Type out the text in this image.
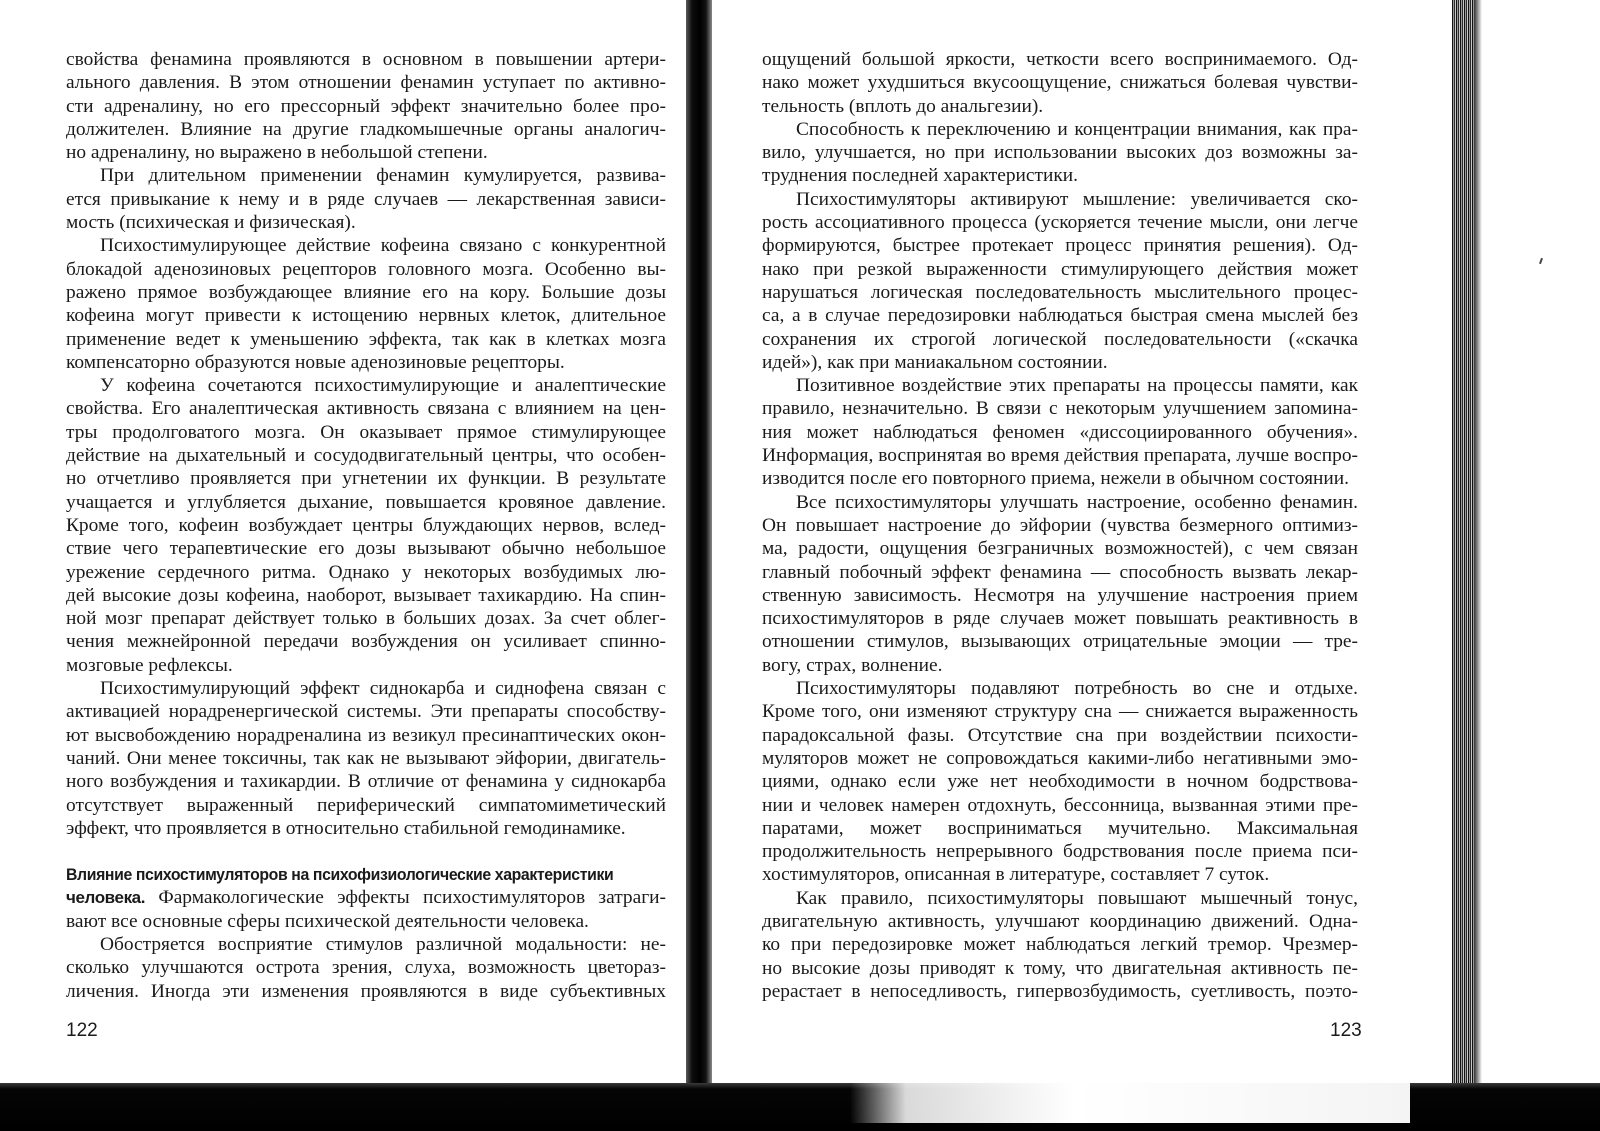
свойства фенамина проявляются в основном в повышении артери-
ального давления. В этом отношении фенамин уступает по активно-
сти адреналину, но его прессорный эффект значительно более про-
должителен. Влияние на другие гладкомышечные органы аналогич-
но адреналину, но выражено в небольшой степени.
При длительном применении фенамин кумулируется, развива-
ется привыкание к нему и в ряде случаев — лекарственная зависи-
мость (психическая и физическая).
Психостимулирующее действие кофеина связано с конкурентной
блокадой аденозиновых рецепторов головного мозга. Особенно вы-
ражено прямое возбуждающее влияние его на кору. Большие дозы
кофеина могут привести к истощению нервных клеток, длительное
применение ведет к уменьшению эффекта, так как в клетках мозга
компенсаторно образуются новые аденозиновые рецепторы.
У кофеина сочетаются психостимулирующие и аналептические
свойства. Его аналептическая активность связана с влиянием на цен-
тры продолговатого мозга. Он оказывает прямое стимулирующее
действие на дыхательный и сосудодвигательный центры, что особен-
но отчетливо проявляется при угнетении их функции. В результате
учащается и углубляется дыхание, повышается кровяное давление.
Кроме того, кофеин возбуждает центры блуждающих нервов, вслед-
ствие чего терапевтические его дозы вызывают обычно небольшое
урежение сердечного ритма. Однако у некоторых возбудимых лю-
дей высокие дозы кофеина, наоборот, вызывает тахикардию. На спин-
ной мозг препарат действует только в больших дозах. За счет облег-
чения межнейронной передачи возбуждения он усиливает спинно-
мозговые рефлексы.
Психостимулирующий эффект сиднокарба и сиднофена связан с
активацией норадренергической системы. Эти препараты способству-
ют высвобождению норадреналина из везикул пресинаптических окон-
чаний. Они менее токсичны, так как не вызывают эйфории, двигатель-
ного возбуждения и тахикардии. В отличие от фенамина у сиднокарба
отсутствует выраженный периферический симпатомиметический
эффект, что проявляется в относительно стабильной гемодинамике.
Влияние психостимуляторов на психофизиологические характеристики
человека. Фармакологические эффекты психостимуляторов затраги-
вают все основные сферы психической деятельности человека.
Обостряется восприятие стимулов различной модальности: не-
сколько улучшаются острота зрения, слуха, возможность цветораз-
личения. Иногда эти изменения проявляются в виде субъективных
122
ощущений большой яркости, четкости всего воспринимаемого. Од-
нако может ухудшиться вкусоощущение, снижаться болевая чувстви-
тельность (вплоть до анальгезии).
Способность к переключению и концентрации внимания, как пра-
вило, улучшается, но при использовании высоких доз возможны за-
труднения последней характеристики.
Психостимуляторы активируют мышление: увеличивается ско-
рость ассоциативного процесса (ускоряется течение мысли, они легче
формируются, быстрее протекает процесс принятия решения). Од-
нако при резкой выраженности стимулирующего действия может
нарушаться логическая последовательность мыслительного процес-
са, а в случае передозировки наблюдаться быстрая смена мыслей без
сохранения их строгой логической последовательности («скачка
идей»), как при маниакальном состоянии.
Позитивное воздействие этих препараты на процессы памяти, как
правило, незначительно. В связи с некоторым улучшением запомина-
ния может наблюдаться феномен «диссоциированного обучения».
Информация, воспринятая во время действия препарата, лучше воспро-
изводится после его повторного приема, нежели в обычном состоянии.
Все психостимуляторы улучшать настроение, особенно фенамин.
Он повышает настроение до эйфории (чувства безмерного оптимиз-
ма, радости, ощущения безграничных возможностей), с чем связан
главный побочный эффект фенамина — способность вызвать лекар-
ственную зависимость. Несмотря на улучшение настроения прием
психостимуляторов в ряде случаев может повышать реактивность в
отношении стимулов, вызывающих отрицательные эмоции — тре-
вогу, страх, волнение.
Психостимуляторы подавляют потребность во сне и отдыхе.
Кроме того, они изменяют структуру сна — снижается выраженность
парадоксальной фазы. Отсутствие сна при воздействии психости-
муляторов может не сопровождаться какими-либо негативными эмо-
циями, однако если уже нет необходимости в ночном бодрствова-
нии и человек намерен отдохнуть, бессонница, вызванная этими пре-
паратами, может восприниматься мучительно. Максимальная
продолжительность непрерывного бодрствования после приема пси-
хостимуляторов, описанная в литературе, составляет 7 суток.
Как правило, психостимуляторы повышают мышечный тонус,
двигательную активность, улучшают координацию движений. Одна-
ко при передозировке может наблюдаться легкий тремор. Чрезмер-
но высокие дозы приводят к тому, что двигательная активность пе-
рерастает в непоседливость, гипервозбудимость, суетливость, поэто-
123
